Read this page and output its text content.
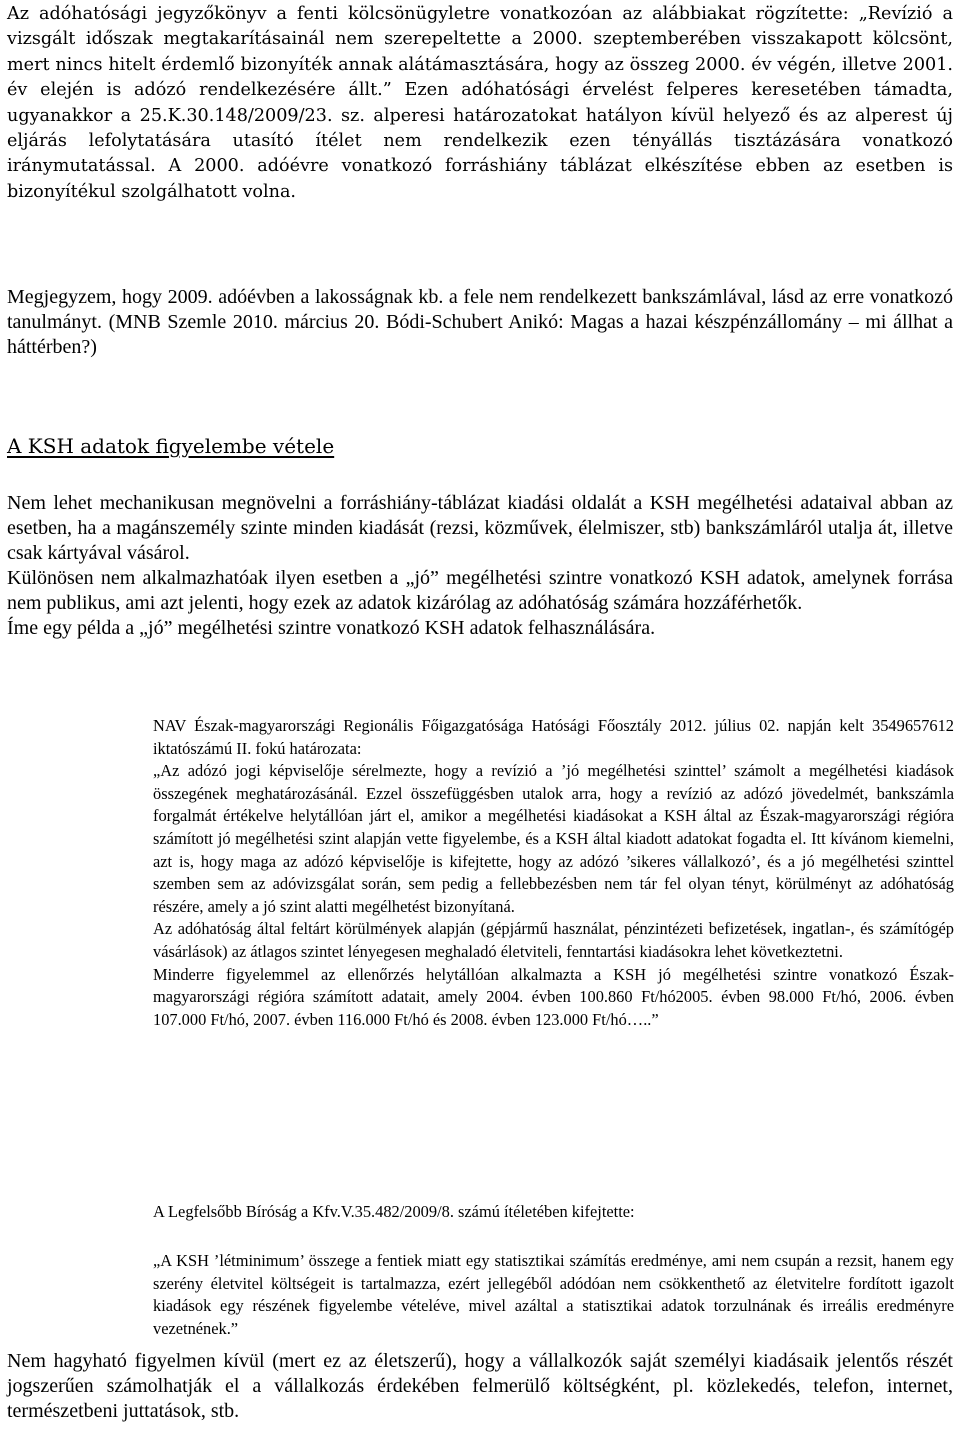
Az adóhatósági jegyzőkönyv a fenti kölcsönügyletre vonatkozóan az alábbiakat rögzítette: „Revízió a vizsgált időszak megtakarításainál nem szerepeltette a 2000. szeptemberében visszakapott kölcsönt, mert nincs hitelt érdemlő bizonyíték annak alátámasztására, hogy az összeg 2000. év végén, illetve 2001. év elején is adózó rendelkezésére állt.” Ezen adóhatósági érvelést felperes keresetében támadta, ugyanakkor a 25.K.30.148/2009/23. sz. alperesi határozatokat hatályon kívül helyező és az alperest új eljárás lefolytatására utasító ítélet nem rendelkezik ezen tényállás tisztázására vonatkozó iránymutatással. A 2000. adóévre vonatkozó forráshiány táblázat elkészítése ebben az esetben is bizonyítékul szolgálhatott volna.

Megjegyzem, hogy 2009. adóévben a lakosságnak kb. a fele nem rendelkezett bankszámlával, lásd az erre vonatkozó tanulmányt. (MNB Szemle 2010. március 20. Bódi-Schubert Anikó: Magas a hazai készpénzállomány – mi állhat a háttérben?)

A KSH adatok figyelembe vétele

Nem lehet mechanikusan megnövelni a forráshiány-táblázat kiadási oldalát a KSH megélhetési adataival abban az esetben, ha a magánszemély szinte minden kiadását (rezsi, közművek, élelmiszer, stb) bankszámláról utalja át, illetve csak kártyával vásárol.

Különösen nem alkalmazhatóak ilyen esetben a „jó” megélhetési szintre vonatkozó KSH adatok, amelynek forrása nem publikus, ami azt jelenti, hogy ezek az adatok kizárólag az adóhatóság számára hozzáférhetők.

Íme egy példa a „jó” megélhetési szintre vonatkozó KSH adatok felhasználására.

NAV Észak-magyarországi Regionális Főigazgatósága Hatósági Főosztály 2012. július 02. napján kelt 3549657612 iktatószámú II. fokú határozata:

„Az adózó jogi képviselője sérelmezte, hogy a revízió a ’jó megélhetési szinttel’ számolt a megélhetési kiadások összegének meghatározásánál. Ezzel összefüggésben utalok arra, hogy a revízió az adózó jövedelmét, bankszámla forgalmát értékelve helytállóan járt el, amikor a megélhetési kiadásokat a KSH által az Észak-magyarországi régióra számított jó megélhetési szint alapján vette figyelembe, és a KSH által kiadott adatokat fogadta el. Itt kívánom kiemelni, azt is, hogy maga az adózó képviselője is kifejtette, hogy az adózó ’sikeres vállalkozó’, és a jó megélhetési szinttel szemben sem az adóvizsgálat során, sem pedig a fellebbezésben nem tár fel olyan tényt, körülményt az adóhatóság részére, amely a jó szint alatti megélhetést bizonyítaná.

Az adóhatóság által feltárt körülmények alapján (gépjármű használat, pénzintézeti befizetések, ingatlan-, és számítógép vásárlások) az átlagos szintet lényegesen meghaladó életviteli, fenntartási kiadásokra lehet következtetni.

Minderre figyelemmel az ellenőrzés helytállóan alkalmazta a KSH jó megélhetési szintre vonatkozó Észak-magyarországi régióra számított adatait, amely 2004. évben 100.860 Ft/hó2005. évben 98.000 Ft/hó, 2006. évben 107.000 Ft/hó, 2007. évben 116.000 Ft/hó és 2008. évben 123.000 Ft/hó…..”

A Legfelsőbb Bíróság a Kfv.V.35.482/2009/8. számú ítéletében kifejtette:

„A KSH ’létminimum’ összege a fentiek miatt egy statisztikai számítás eredménye, ami nem csupán a rezsit, hanem egy szerény életvitel költségeit is tartalmazza, ezért jellegéből adódóan nem csökkenthető az életvitelre fordított igazolt kiadások egy részének figyelembe vételéve, mivel azáltal a statisztikai adatok torzulnának és irreális eredményre vezetnének.”

Nem hagyható figyelmen kívül (mert ez az életszerű), hogy a vállalkozók saját személyi kiadásaik jelentős részét jogszerűen számolhatják el a vállalkozás érdekében felmerülő költségként, pl. közlekedés, telefon, internet, természetbeni juttatások, stb.
